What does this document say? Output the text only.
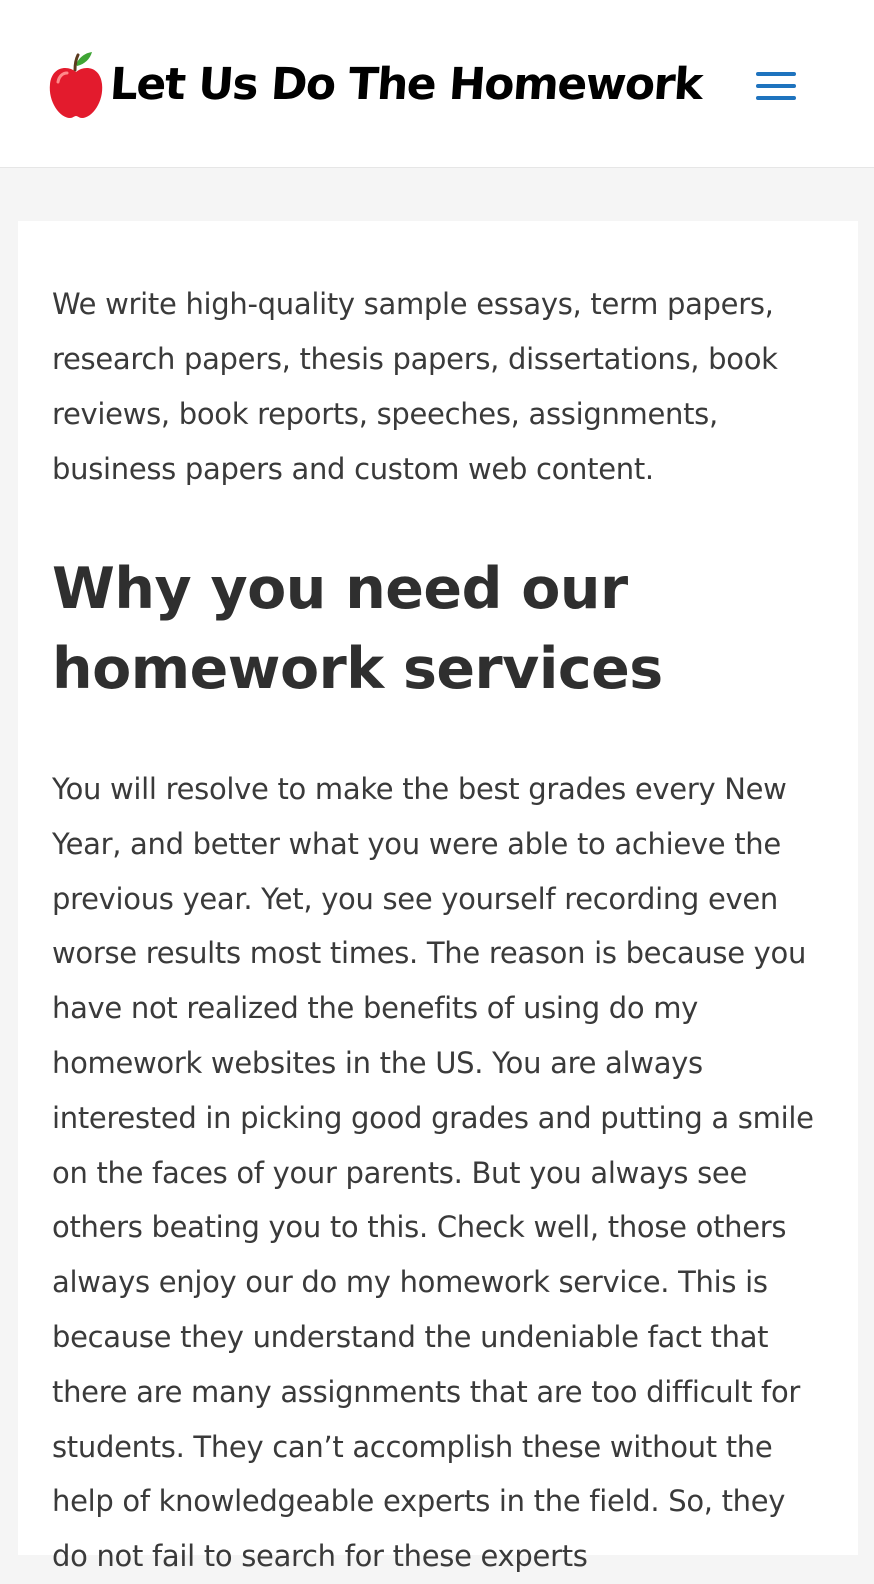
Let Us Do The Homework

We write high-quality sample essays, term papers, research papers, thesis papers, dissertations, book reviews, book reports, speeches, assignments, business papers and custom web content.

Why you need our homework services

You will resolve to make the best grades every New Year, and better what you were able to achieve the previous year. Yet, you see yourself recording even worse results most times. The reason is because you have not realized the benefits of using do my homework websites in the US. You are always interested in picking good grades and putting a smile on the faces of your parents. But you always see others beating you to this. Check well, those others always enjoy our do my homework service. This is because they understand the undeniable fact that there are many assignments that are too difficult for students. They can’t accomplish these without the help of knowledgeable experts in the field. So, they do not fail to search for these experts
